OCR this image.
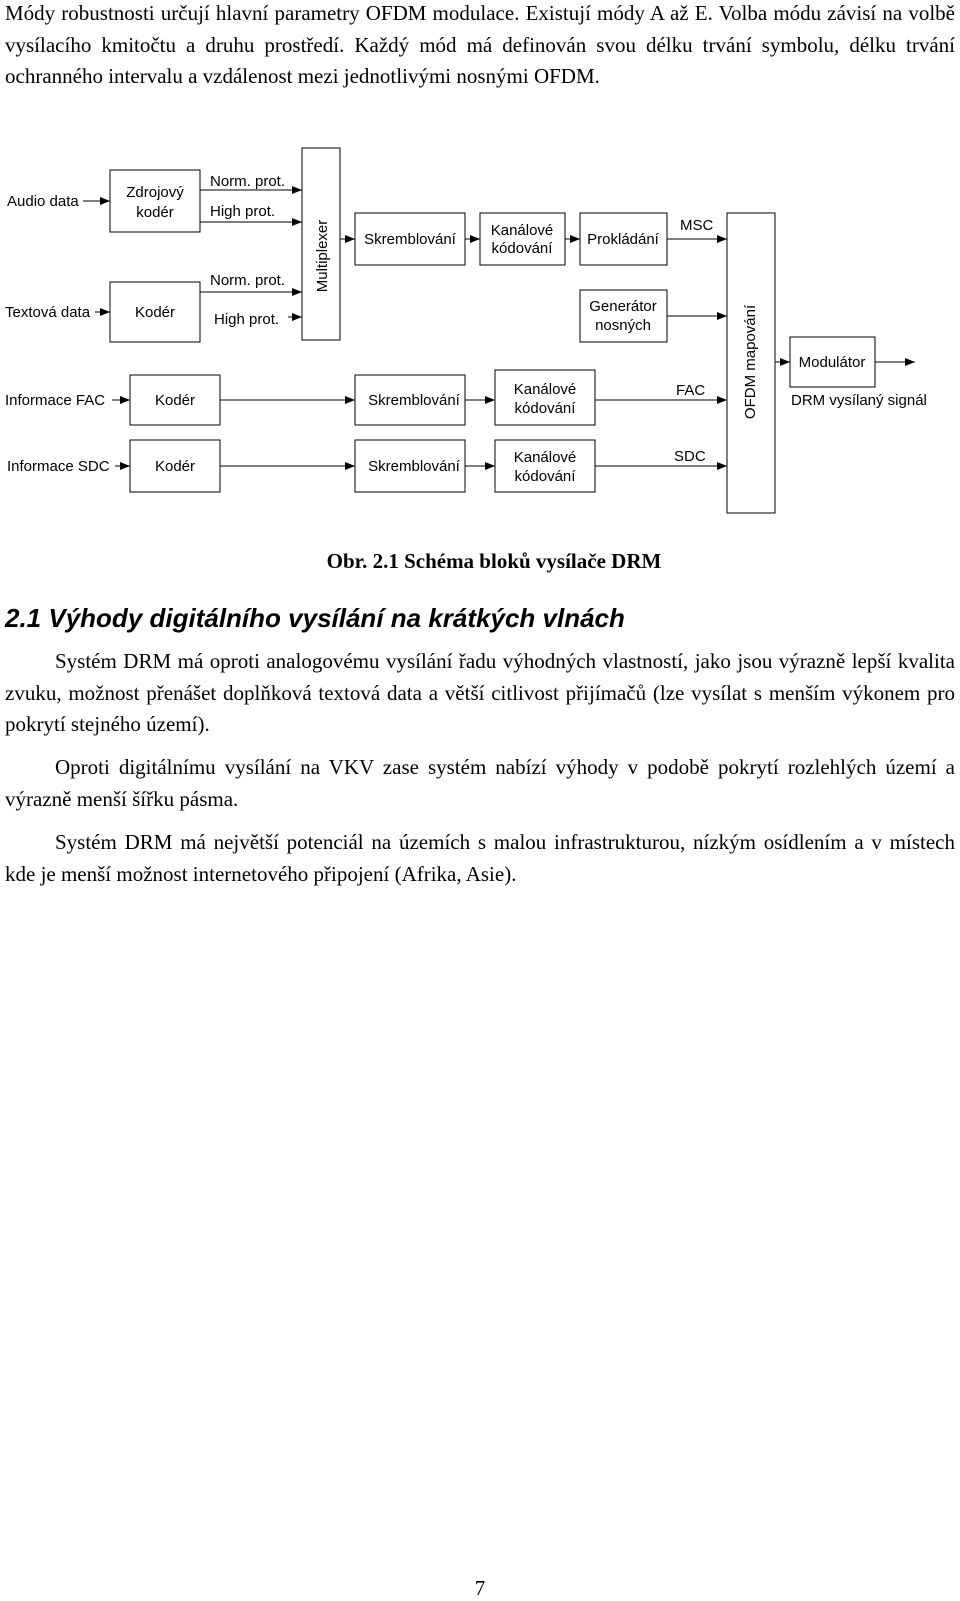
Módy robustnosti určují hlavní parametry OFDM modulace. Existují módy A až E. Volba módu závisí na volbě vysílacího kmitočtu a druhu prostředí. Každý mód má definován svou délku trvání symbolu, délku trvání ochranného intervalu a vzdálenost mezi jednotlivými nosnými OFDM.

Audio data
Textová data
Informace FAC
Informace SDC
Zdrojový
kodér
Kodér
Kodér
Kodér
Norm. prot.
High prot.
Norm. prot.
High prot.
Multiplexer Skremblování
Kanálové
kódování
Prokládání
MSC
Generátor
nosných
Skremblování
Kanálové
kódování
FAC
Skremblování
Kanálové
kódování
SDC
OFDM mapování	Modulátor
DRM vysílaný signál

Obr. 2.1 Schéma bloků vysílače DRM

2.1 Výhody digitálního vysílání na krátkých vlnách

Systém DRM má oproti analogovému vysílání řadu výhodných vlastností, jako jsou výrazně lepší kvalita zvuku, možnost přenášet doplňková textová data a větší citlivost přijímačů (lze vysílat s menším výkonem pro pokrytí stejného území).

Oproti digitálnímu vysílání na VKV zase systém nabízí výhody v podobě pokrytí rozlehlých území a výrazně menší šířku pásma.

Systém DRM má největší potenciál na územích s malou infrastrukturou, nízkým osídlením a v místech kde je menší možnost internetového připojení (Afrika, Asie).

7
